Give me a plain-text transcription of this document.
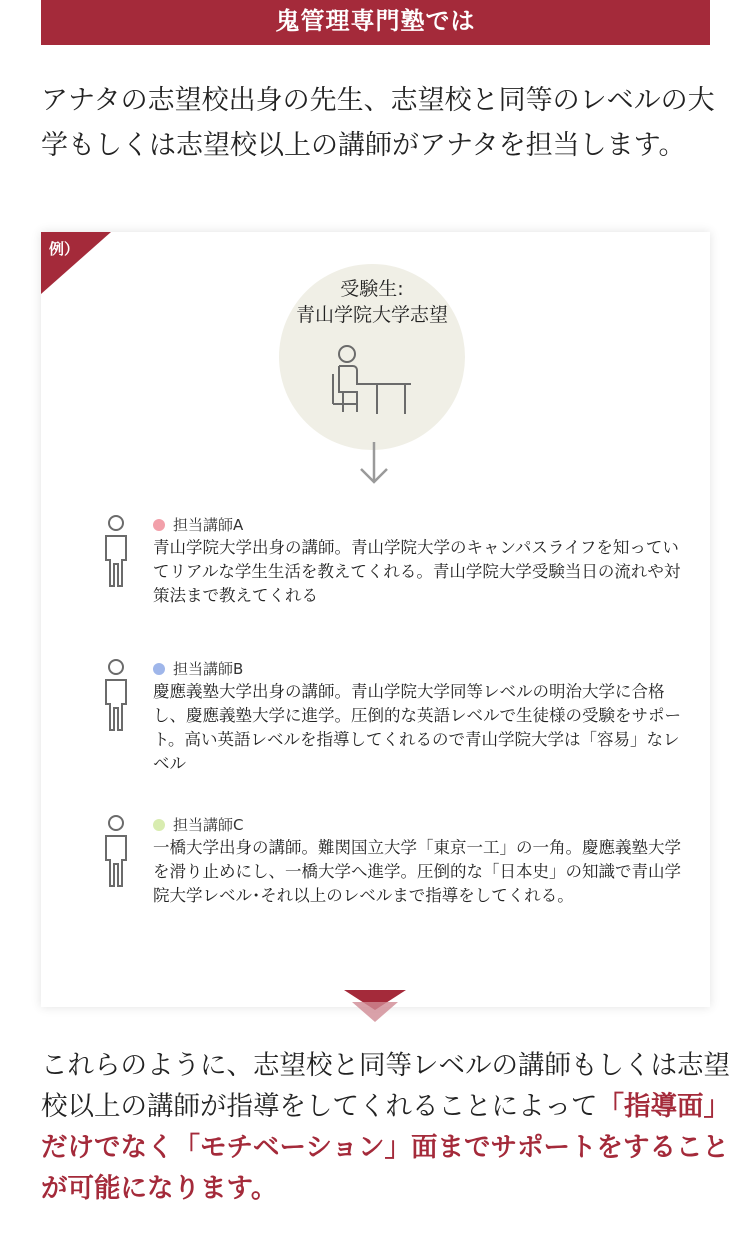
鬼管理専門塾では
アナタの志望校出身の先生、志望校と同等のレベルの大学もしくは志望校以上の講師がアナタを担当します。
例）
受験生:
青山学院大学志望
担当講師A
青山学院大学出身の講師。青山学院大学のキャンパスライフを知っていてリアルな学生生活を教えてくれる。青山学院大学受験当日の流れや対策法まで教えてくれる
担当講師B
慶應義塾大学出身の講師。青山学院大学同等レベルの明治大学に合格し、慶應義塾大学に進学。圧倒的な英語レベルで生徒様の受験をサポート。高い英語レベルを指導してくれるので青山学院大学は「容易」なレベル
担当講師C
一橋大学出身の講師。難関国立大学「東京一工」の一角。慶應義塾大学を滑り止めにし、一橋大学へ進学。圧倒的な「日本史」の知識で青山学院大学レベル･それ以上のレベルまで指導をしてくれる。
これらのように、志望校と同等レベルの講師もしくは志望校以上の講師が指導をしてくれることによって「指導面」だけでなく「モチベーション」面までサポートをすることが可能になります。
